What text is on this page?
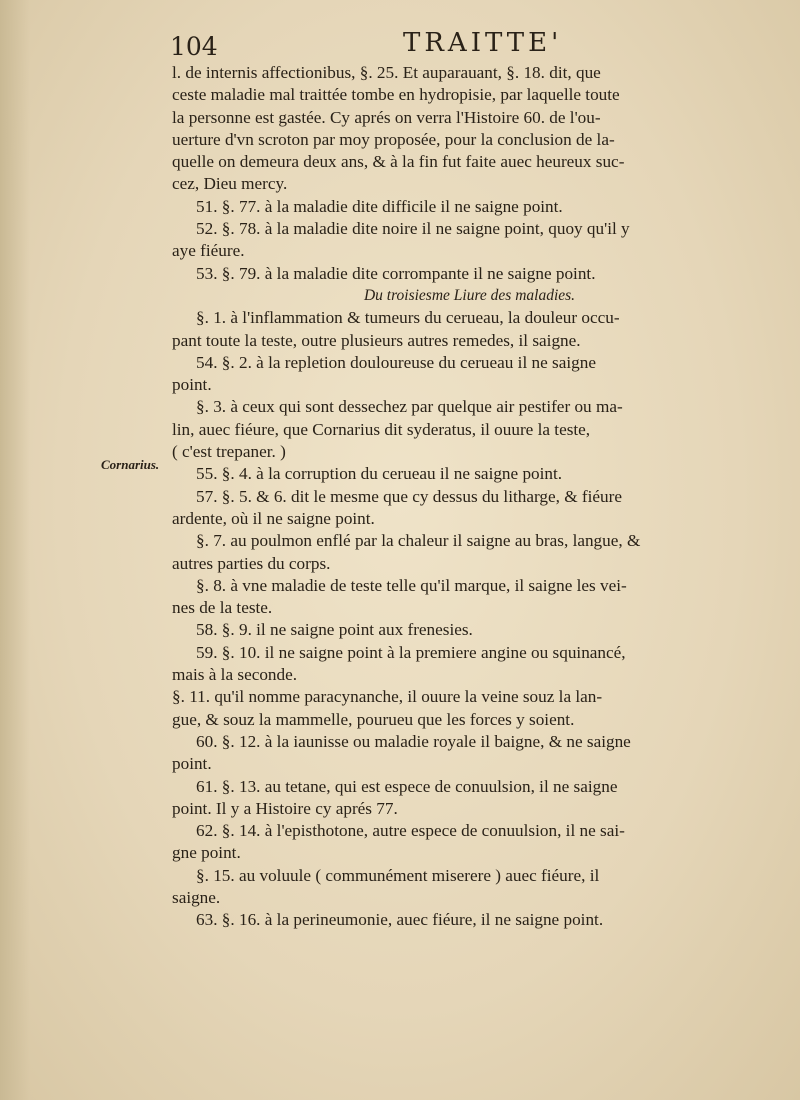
104	TRAITTE'
Cornarius.

l. de internis affectionibus, §. 25. Et auparauant, §. 18. dit, que

ceste maladie mal traittée tombe en hydropisie, par laquelle toute

la personne est gastée. Cy aprés on verra l'Histoire 60. de l'ou-

uerture d'vn scroton par moy proposée, pour la conclusion de la-

quelle on demeura deux ans, & à la fin fut faite auec heureux suc-

cez, Dieu mercy.

51. §. 77. à la maladie dite difficile il ne saigne point.

52. §. 78. à la maladie dite noire il ne saigne point, quoy qu'il y

aye fiéure.

53. §. 79. à la maladie dite corrompante il ne saigne point.

Du troisiesme Liure des maladies.

§. 1. à l'inflammation & tumeurs du cerueau, la douleur occu-

pant toute la teste, outre plusieurs autres remedes, il saigne.

54. §. 2. à la repletion douloureuse du cerueau il ne saigne

point.

§. 3. à ceux qui sont dessechez par quelque air pestifer ou ma-

lin, auec fiéure, que Cornarius dit syderatus, il ouure la teste,

( c'est trepaner. )

55. §. 4. à la corruption du cerueau il ne saigne point.

57. §. 5. & 6. dit le mesme que cy dessus du litharge, & fiéure

ardente, où il ne saigne point.

§. 7. au poulmon enflé par la chaleur il saigne au bras, langue, &

autres parties du corps.

§. 8. à vne maladie de teste telle qu'il marque, il saigne les vei-

nes de la teste.

58. §. 9. il ne saigne point aux frenesies.

59. §. 10. il ne saigne point à la premiere angine ou squinancé,

mais à la seconde.

§. 11. qu'il nomme paracynanche, il ouure la veine souz la lan-

gue, & souz la mammelle, pourueu que les forces y soient.

60. §. 12. à la iaunisse ou maladie royale il baigne, & ne saigne

point.

61. §. 13. au tetane, qui est espece de conuulsion, il ne saigne

point. Il y a Histoire cy aprés 77.

62. §. 14. à l'episthotone, autre espece de conuulsion, il ne sai-

gne point.

§. 15. au voluule ( communément miserere ) auec fiéure, il

saigne.

63. §. 16. à la perineumonie, auec fiéure, il ne saigne point.
